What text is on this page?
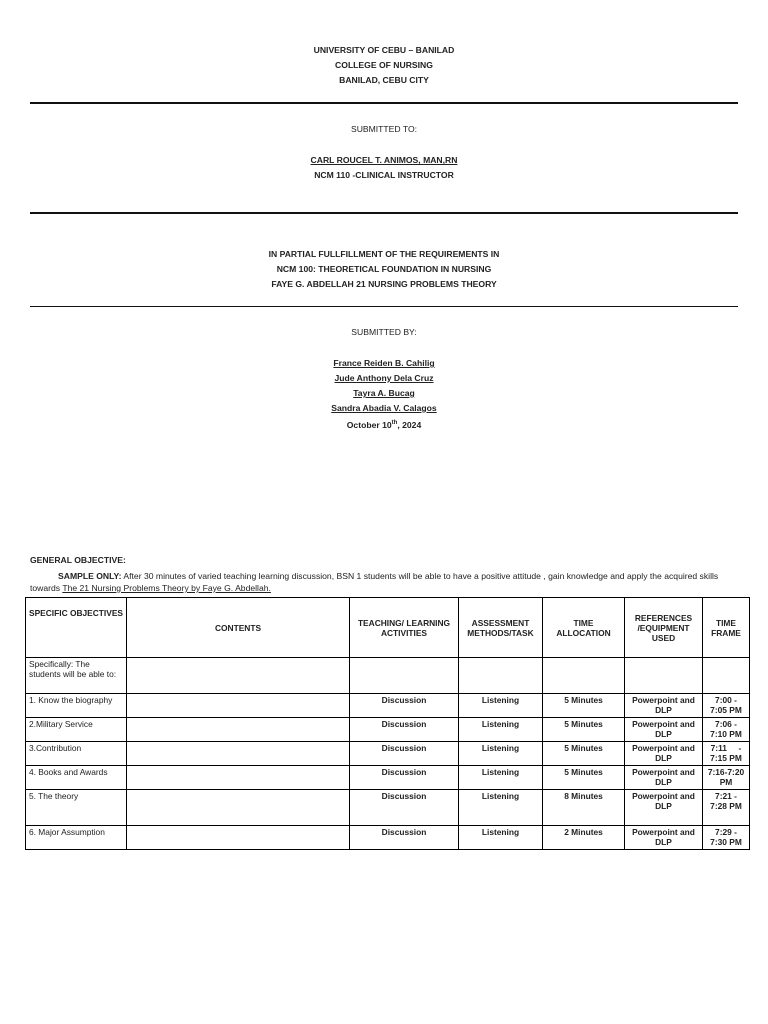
UNIVERSITY OF CEBU – BANILAD
COLLEGE OF NURSING
BANILAD, CEBU CITY
SUBMITTED TO:
CARL ROUCEL T. ANIMOS, MAN,RN
NCM 110 -CLINICAL INSTRUCTOR
IN PARTIAL FULLFILLMENT OF THE REQUIREMENTS IN
NCM 100: THEORETICAL FOUNDATION IN NURSING
FAYE G. ABDELLAH 21 NURSING PROBLEMS THEORY
SUBMITTED BY:
France Reiden B. Cahilig
Jude Anthony Dela Cruz
Tayra A. Bucag
Sandra Abadia V. Calagos
October 10th, 2024
GENERAL OBJECTIVE:
SAMPLE ONLY: After 30 minutes of varied teaching learning discussion, BSN 1 students will be able to have a positive attitude , gain knowledge and apply the acquired skills towards The 21 Nursing Problems Theory by Faye G. Abdellah.
SPECIFIC OBJECTIVES	CONTENTS	TEACHING/ LEARNING ACTIVITIES	ASSESSMENT METHODS/TASK	TIME ALLOCATION	REFERENCES /EQUIPMENT USED	TIME FRAME
Specifically: The students will be able to:						
1. Know the biography		Discussion	Listening	5 Minutes	Powerpoint and DLP	7:00 - 7:05 PM
2.Military Service		Discussion	Listening	5 Minutes	Powerpoint and DLP	7:06 - 7:10 PM
3.Contribution		Discussion	Listening	5 Minutes	Powerpoint and DLP	7:11     - 7:15 PM
4. Books and Awards		Discussion	Listening	5 Minutes	Powerpoint and DLP	7:16-7:20 PM
5. The theory		Discussion	Listening	8 Minutes	Powerpoint and DLP	7:21 - 7:28 PM
6. Major Assumption		Discussion	Listening	2 Minutes	Powerpoint and DLP	7:29 - 7:30 PM
